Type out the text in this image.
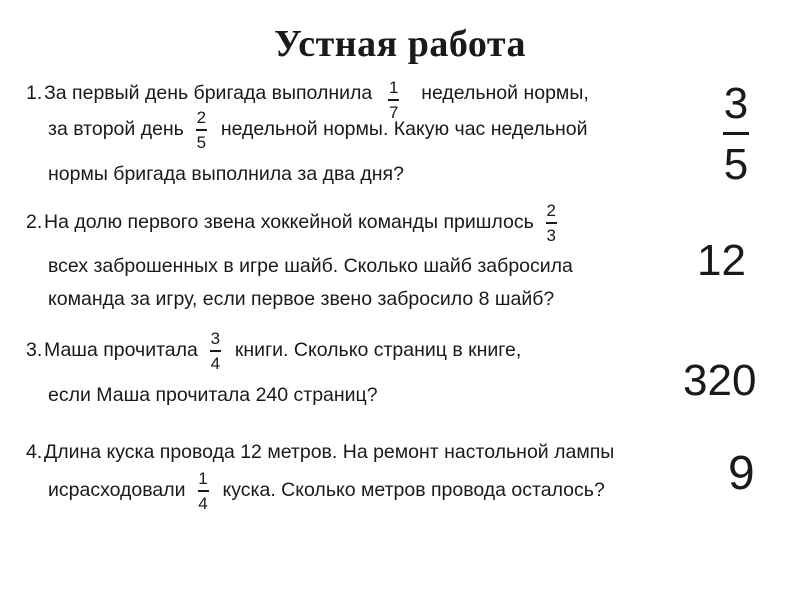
Устная работа
1. За первый день бригада выполнила $\frac{1}{7}$ недельной нормы,
за второй день $\frac{2}{5}$ недельной нормы. Какую час недельной
нормы бригада выполнила за два дня?
3
5
2. На долю первого звена хоккейной команды пришлось $\frac{2}{3}$
всех заброшенных в игре шайб. Сколько шайб забросила
команда за игру, если первое звено забросило 8 шайб?
12
3. Маша прочитала $\frac{3}{4}$ книги. Сколько страниц в книге,
если Маша прочитала 240 страниц?	320
4. Длина куска провода 12 метров. На ремонт настольной лампы
исрасходовали $\frac{1}{4}$ куска. Сколько метров провода осталось?	9
